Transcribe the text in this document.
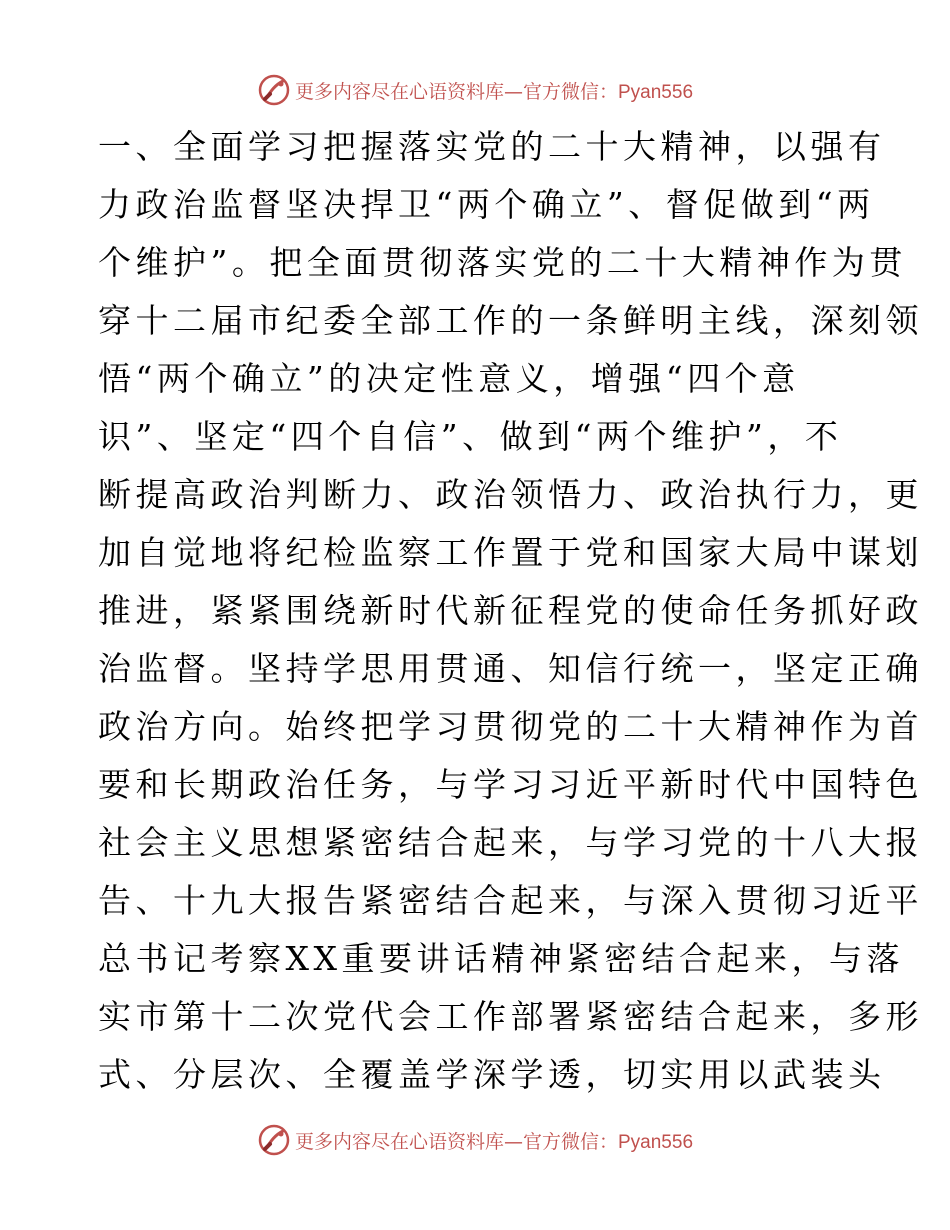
更多内容尽在心语资料库—官方微信：Pyan556
一、全面学习把握落实党的二十大精神，以强有
力政治监督坚决捍卫“两个确立”、督促做到“两
个维护”。把全面贯彻落实党的二十大精神作为贯
穿十二届市纪委全部工作的一条鲜明主线，深刻领
悟“两个确立”的决定性意义，增强“四个意
识”、坚定“四个自信”、做到“两个维护”，不
断提高政治判断力、政治领悟力、政治执行力，更
加自觉地将纪检监察工作置于党和国家大局中谋划
推进，紧紧围绕新时代新征程党的使命任务抓好政
治监督。坚持学思用贯通、知信行统一，坚定正确
政治方向。始终把学习贯彻党的二十大精神作为首
要和长期政治任务，与学习习近平新时代中国特色
社会主义思想紧密结合起来，与学习党的十八大报
告、十九大报告紧密结合起来，与深入贯彻习近平
总书记考察XX重要讲话精神紧密结合起来，与落
实市第十二次党代会工作部署紧密结合起来，多形
式、分层次、全覆盖学深学透，切实用以武装头
更多内容尽在心语资料库—官方微信：Pyan556
